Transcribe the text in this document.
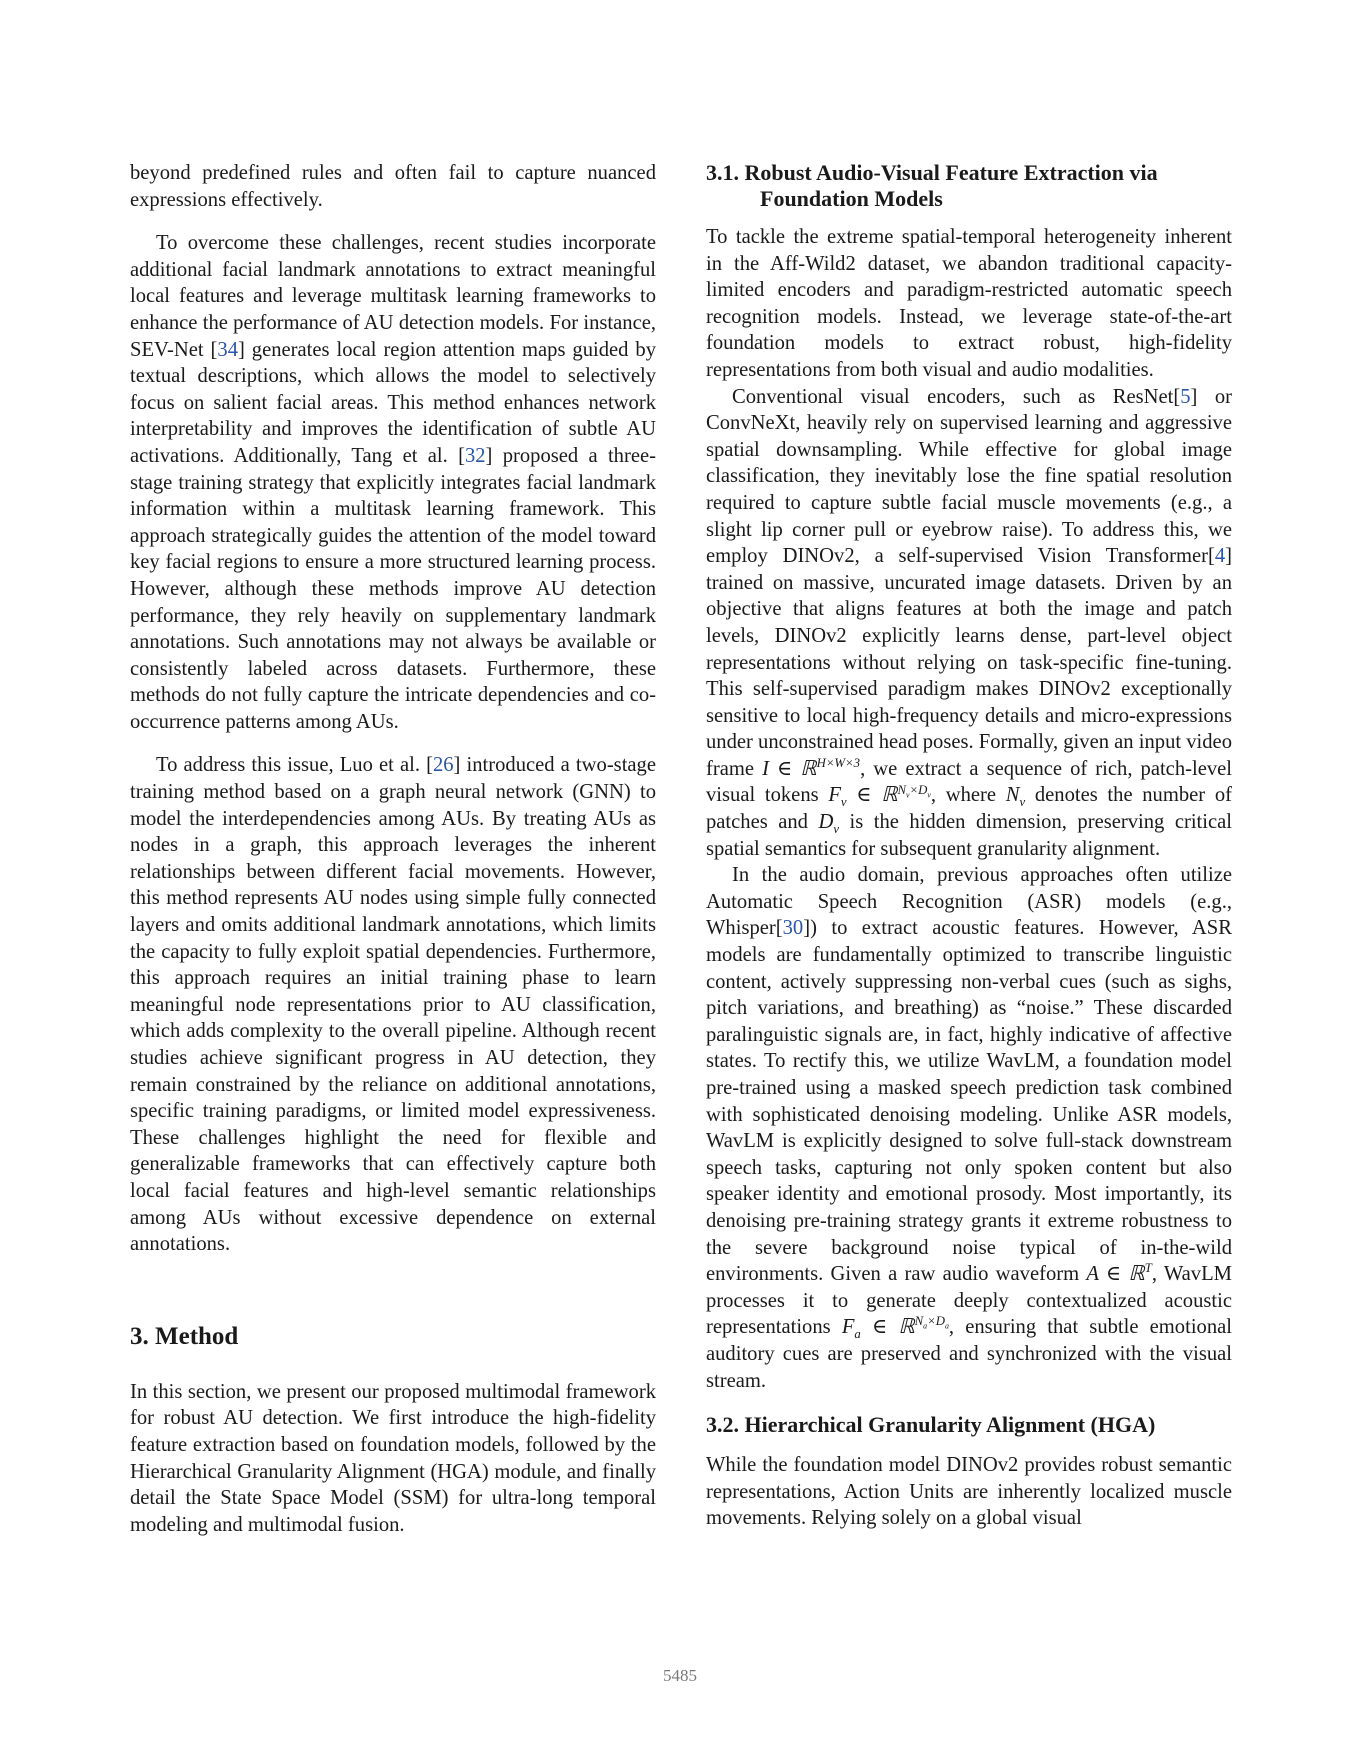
beyond predefined rules and often fail to capture nuanced expressions effectively.

To overcome these challenges, recent studies incorporate additional facial landmark annotations to extract meaningful local features and leverage multitask learning frameworks to enhance the performance of AU detection models. For instance, SEV-Net [34] generates local region attention maps guided by textual descriptions, which allows the model to selectively focus on salient facial areas. This method enhances network interpretability and improves the identification of subtle AU activations. Additionally, Tang et al. [32] proposed a three-stage training strategy that explicitly integrates facial landmark information within a multitask learning framework. This approach strategically guides the attention of the model toward key facial regions to ensure a more structured learning process. However, although these methods improve AU detection performance, they rely heavily on supplementary landmark annotations. Such annotations may not always be available or consistently labeled across datasets. Furthermore, these methods do not fully capture the intricate dependencies and co-occurrence patterns among AUs.

To address this issue, Luo et al. [26] introduced a two-stage training method based on a graph neural network (GNN) to model the interdependencies among AUs. By treating AUs as nodes in a graph, this approach leverages the inherent relationships between different facial movements. However, this method represents AU nodes using simple fully connected layers and omits additional landmark annotations, which limits the capacity to fully exploit spatial dependencies. Furthermore, this approach requires an initial training phase to learn meaningful node representations prior to AU classification, which adds complexity to the overall pipeline. Although recent studies achieve significant progress in AU detection, they remain constrained by the reliance on additional annotations, specific training paradigms, or limited model expressiveness. These challenges highlight the need for flexible and generalizable frameworks that can effectively capture both local facial features and high-level semantic relationships among AUs without excessive dependence on external annotations.

3. Method

In this section, we present our proposed multimodal framework for robust AU detection. We first introduce the high-fidelity feature extraction based on foundation models, followed by the Hierarchical Granularity Alignment (HGA) module, and finally detail the State Space Model (SSM) for ultra-long temporal modeling and multimodal fusion.

3.1. Robust Audio-Visual Feature Extraction via Foundation Models

To tackle the extreme spatial-temporal heterogeneity inherent in the Aff-Wild2 dataset, we abandon traditional capacity-limited encoders and paradigm-restricted automatic speech recognition models. Instead, we leverage state-of-the-art foundation models to extract robust, high-fidelity representations from both visual and audio modalities.

Conventional visual encoders, such as ResNet[5] or ConvNeXt, heavily rely on supervised learning and aggressive spatial downsampling. While effective for global image classification, they inevitably lose the fine spatial resolution required to capture subtle facial muscle movements (e.g., a slight lip corner pull or eyebrow raise). To address this, we employ DINOv2, a self-supervised Vision Transformer[4] trained on massive, uncurated image datasets. Driven by an objective that aligns features at both the image and patch levels, DINOv2 explicitly learns dense, part-level object representations without relying on task-specific fine-tuning. This self-supervised paradigm makes DINOv2 exceptionally sensitive to local high-frequency details and micro-expressions under unconstrained head poses. Formally, given an input video frame I ∈ ℝ$^{H\times W\times 3}$, we extract a sequence of rich, patch-level visual tokens $F_v$ ∈ ℝ$^{N_v\times D_v}$, where $N_v$ denotes the number of patches and $D_v$ is the hidden dimension, preserving critical spatial semantics for subsequent granularity alignment.

In the audio domain, previous approaches often utilize Automatic Speech Recognition (ASR) models (e.g., Whisper[30]) to extract acoustic features. However, ASR models are fundamentally optimized to transcribe linguistic content, actively suppressing non-verbal cues (such as sighs, pitch variations, and breathing) as “noise.” These discarded paralinguistic signals are, in fact, highly indicative of affective states. To rectify this, we utilize WavLM, a foundation model pre-trained using a masked speech prediction task combined with sophisticated denoising modeling. Unlike ASR models, WavLM is explicitly designed to solve full-stack downstream speech tasks, capturing not only spoken content but also speaker identity and emotional prosody. Most importantly, its denoising pre-training strategy grants it extreme robustness to the severe background noise typical of in-the-wild environments. Given a raw audio waveform A ∈ ℝ$^T$, WavLM processes it to generate deeply contextualized acoustic representations $F_a$ ∈ ℝ$^{N_a\times D_a}$, ensuring that subtle emotional auditory cues are preserved and synchronized with the visual stream.

3.2. Hierarchical Granularity Alignment (HGA)

While the foundation model DINOv2 provides robust semantic representations, Action Units are inherently localized muscle movements. Relying solely on a global visual

5485
